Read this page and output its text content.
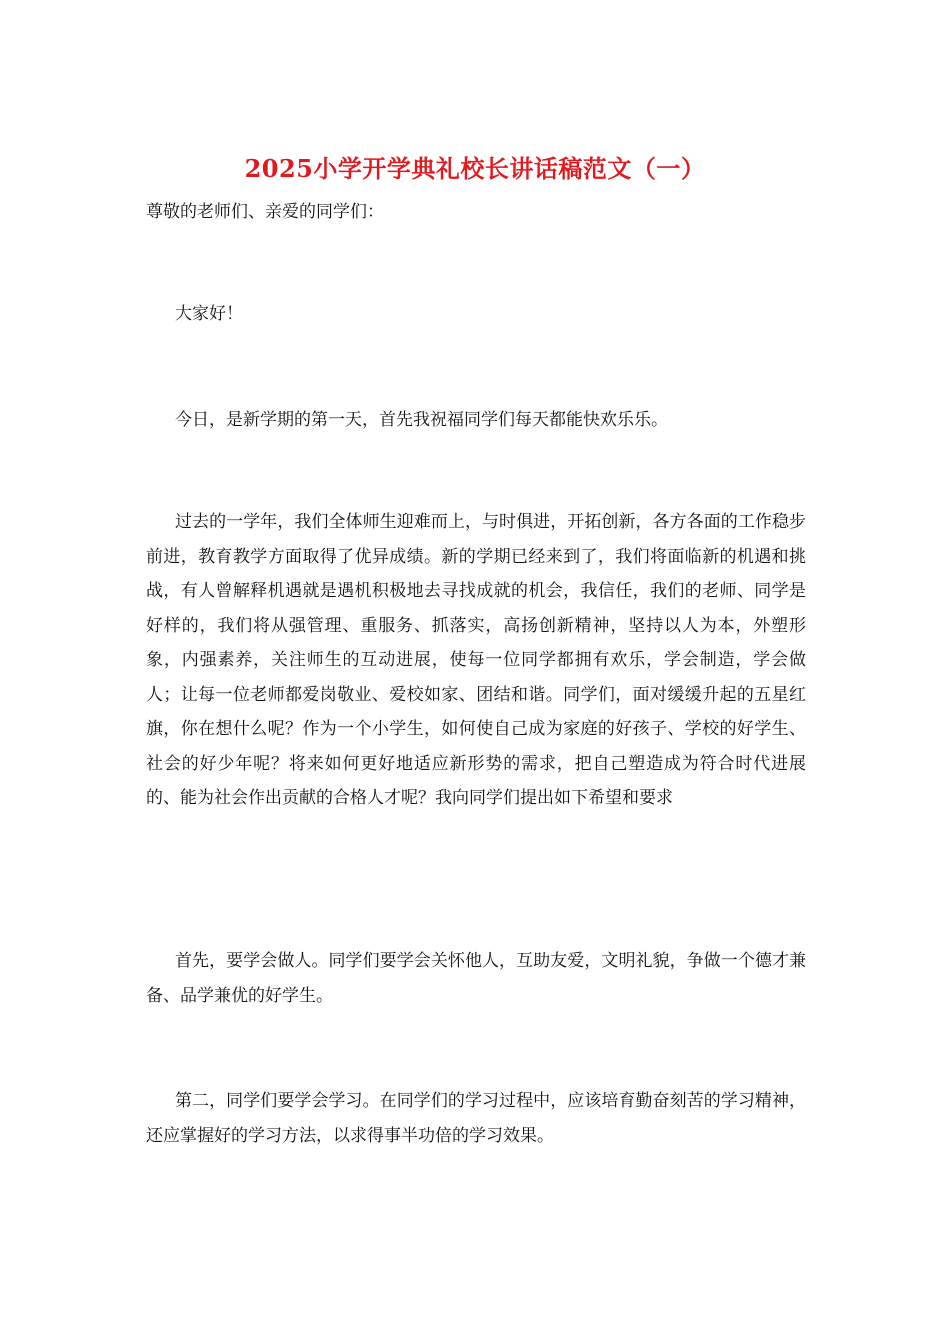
2025小学开学典礼校长讲话稿范文（一）
尊敬的老师们、亲爱的同学们：
大家好！
今日，是新学期的第一天，首先我祝福同学们每天都能快欢乐乐。
过去的一学年，我们全体师生迎难而上，与时俱进，开拓创新，各方各面的工作稳步前进，教育教学方面取得了优异成绩。新的学期已经来到了，我们将面临新的机遇和挑战，有人曾解释机遇就是遇机积极地去寻找成就的机会，我信任，我们的老师、同学是好样的，我们将从强管理、重服务、抓落实，高扬创新精神，坚持以人为本，外塑形象，内强素养，关注师生的互动进展，使每一位同学都拥有欢乐，学会制造，学会做人；让每一位老师都爱岗敬业、爱校如家、团结和谐。同学们，面对缓缓升起的五星红旗，你在想什么呢？作为一个小学生，如何使自己成为家庭的好孩子、学校的好学生、社会的好少年呢？将来如何更好地适应新形势的需求，把自己塑造成为符合时代进展的、能为社会作出贡献的合格人才呢？我向同学们提出如下希望和要求
首先，要学会做人。同学们要学会关怀他人，互助友爱，文明礼貌，争做一个德才兼备、品学兼优的好学生。
第二，同学们要学会学习。在同学们的学习过程中，应该培育勤奋刻苦的学习精神，还应掌握好的学习方法，以求得事半功倍的学习效果。
